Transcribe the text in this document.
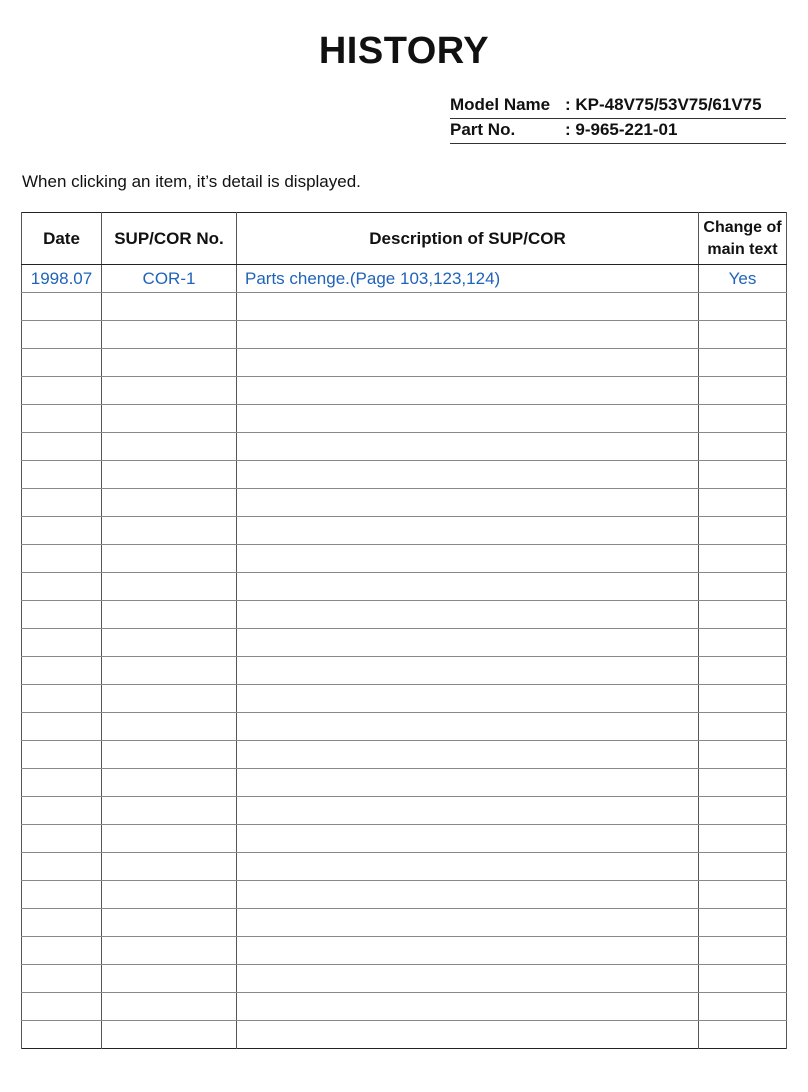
HISTORY
Model Name : KP-48V75/53V75/61V75
Part No.	: 9-965-221-01
When clicking an item, it’s detail is displayed.
Date	SUP/COR No.	Description of SUP/COR	Change of
main text
1998.07	COR-1	Parts chenge.(Page 103,123,124)	Yes
